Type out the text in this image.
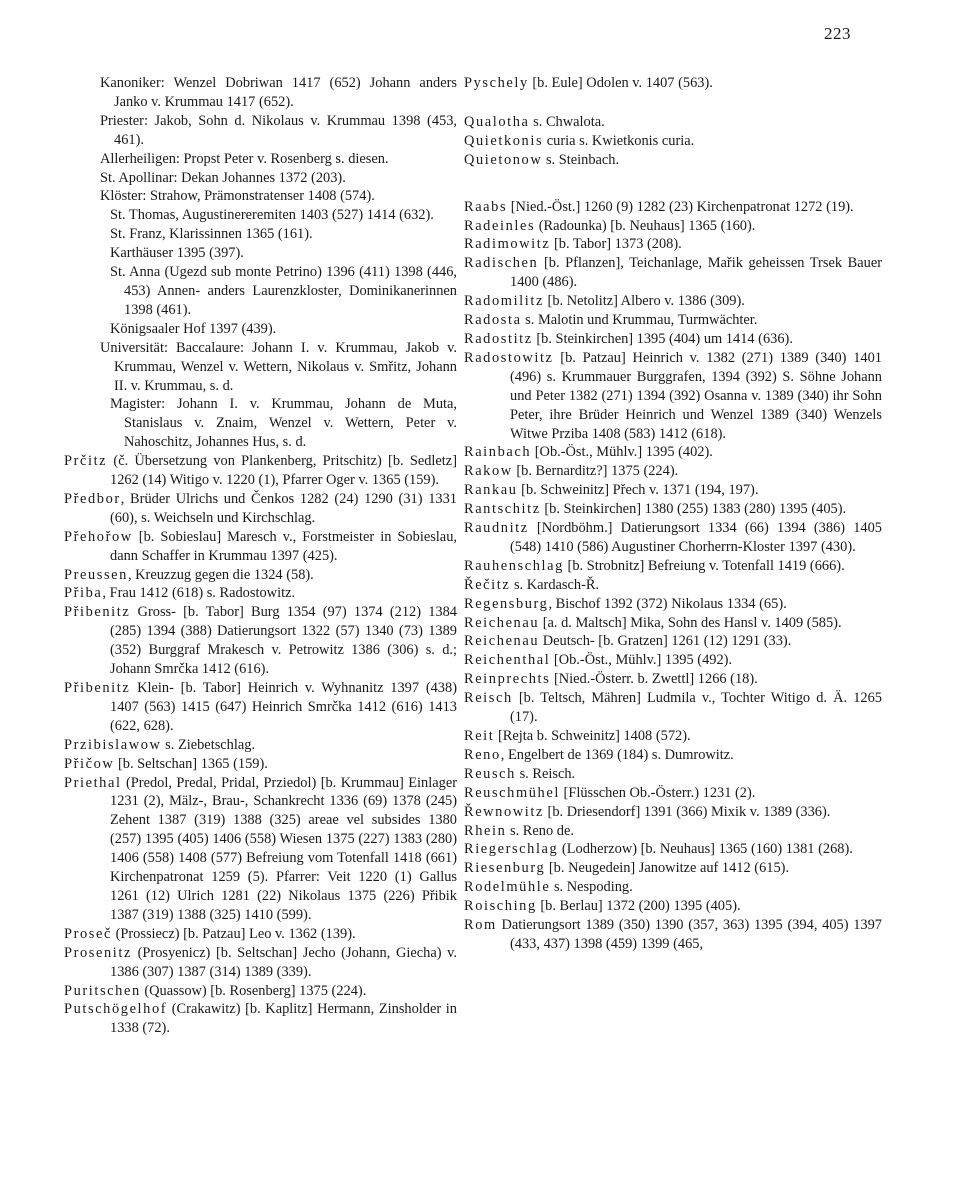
223

Kanoniker: Wenzel Dobriwan 1417 (652) Johann anders Janko v. Krummau 1417 (652).

Priester: Jakob, Sohn d. Nikolaus v. Krummau 1398 (453, 461).

Allerheiligen: Propst Peter v. Rosenberg s. diesen.

St. Apollinar: Dekan Johannes 1372 (203).

Klöster: Strahow, Prämonstratenser 1408 (574).

St. Thomas, Augustinereremiten 1403 (527) 1414 (632).

St. Franz, Klarissinnen 1365 (161).

Karthäuser 1395 (397).

St. Anna (Ugezd sub monte Petrino) 1396 (411) 1398 (446, 453) Annen- anders Laurenzkloster, Dominikanerinnen 1398 (461).

Königsaaler Hof 1397 (439).

Universität: Baccalaure: Johann I. v. Krummau, Jakob v. Krummau, Wenzel v. Wettern, Nikolaus v. Smřitz, Johann II. v. Krummau, s. d.

Magister: Johann I. v. Krummau, Johann de Muta, Stanislaus v. Znaim, Wenzel v. Wettern, Peter v. Nahoschitz, Johannes Hus, s. d.

Prčitz (č. Übersetzung von Plankenberg, Pritschitz) [b. Sedletz] 1262 (14) Witigo v. 1220 (1), Pfarrer Oger v. 1365 (159).

Předbor, Brüder Ulrichs und Čenkos 1282 (24) 1290 (31) 1331 (60), s. Weichseln und Kirchschlag.

Přehořow [b. Sobieslau] Maresch v., Forstmeister in Sobieslau, dann Schaffer in Krummau 1397 (425).

Preussen, Kreuzzug gegen die 1324 (58).

Přiba, Frau 1412 (618) s. Radostowitz.

Přibenitz Gross- [b. Tabor] Burg 1354 (97) 1374 (212) 1384 (285) 1394 (388) Datierungsort 1322 (57) 1340 (73) 1389 (352) Burggraf Mrakesch v. Petrowitz 1386 (306) s. d.; Johann Smrčka 1412 (616).

Přibenitz Klein- [b. Tabor] Heinrich v. Wyhnanitz 1397 (438) 1407 (563) 1415 (647) Heinrich Smrčka 1412 (616) 1413 (622, 628).

Przibislawow s. Ziebetschlag.

Přičow [b. Seltschan] 1365 (159).

Priethal (Predol, Predal, Pridal, Prziedol) [b. Krummau] Einlager 1231 (2), Mälz-, Brau-, Schankrecht 1336 (69) 1378 (245) Zehent 1387 (319) 1388 (325) areae vel subsides 1380 (257) 1395 (405) 1406 (558) Wiesen 1375 (227) 1383 (280) 1406 (558) 1408 (577) Befreiung vom Totenfall 1418 (661) Kirchenpatronat 1259 (5). Pfarrer: Veit 1220 (1) Gallus 1261 (12) Ulrich 1281 (22) Nikolaus 1375 (226) Přibik 1387 (319) 1388 (325) 1410 (599).

Proseč (Prossiecz) [b. Patzau] Leo v. 1362 (139).

Prosenitz (Prosyenicz) [b. Seltschan] Jecho (Johann, Giecha) v. 1386 (307) 1387 (314) 1389 (339).

Puritschen (Quassow) [b. Rosenberg] 1375 (224).

Putschögelhof (Crakawitz) [b. Kaplitz] Hermann, Zinsholder in 1338 (72).

Pyschely [b. Eule] Odolen v. 1407 (563).

Qualotha s. Chwalota.

Quietkonis curia s. Kwietkonis curia.

Quietonow s. Steinbach.

Raabs [Nied.-Öst.] 1260 (9) 1282 (23) Kirchenpatronat 1272 (19).

Radeinles (Radounka) [b. Neuhaus] 1365 (160).

Radimowitz [b. Tabor] 1373 (208).

Radischen [b. Pflanzen], Teichanlage, Mařik geheissen Trsek Bauer 1400 (486).

Radomilitz [b. Netolitz] Albero v. 1386 (309).

Radosta s. Malotin und Krummau, Turmwächter.

Radostitz [b. Steinkirchen] 1395 (404) um 1414 (636).

Radostowitz [b. Patzau] Heinrich v. 1382 (271) 1389 (340) 1401 (496) s. Krummauer Burggrafen, 1394 (392) S. Söhne Johann und Peter 1382 (271) 1394 (392) Osanna v. 1389 (340) ihr Sohn Peter, ihre Brüder Heinrich und Wenzel 1389 (340) Wenzels Witwe Prziba 1408 (583) 1412 (618).

Rainbach [Ob.-Öst., Mühlv.] 1395 (402).

Rakow [b. Bernarditz?] 1375 (224).

Rankau [b. Schweinitz] Přech v. 1371 (194, 197).

Rantschitz [b. Steinkirchen] 1380 (255) 1383 (280) 1395 (405).

Raudnitz [Nordböhm.] Datierungsort 1334 (66) 1394 (386) 1405 (548) 1410 (586) Augustiner Chorherrn-Kloster 1397 (430).

Rauhenschlag [b. Strobnitz] Befreiung v. Totenfall 1419 (666).

Řečitz s. Kardasch-Ř.

Regensburg, Bischof 1392 (372) Nikolaus 1334 (65).

Reichenau [a. d. Maltsch] Mika, Sohn des Hansl v. 1409 (585).

Reichenau Deutsch- [b. Gratzen] 1261 (12) 1291 (33).

Reichenthal [Ob.-Öst., Mühlv.] 1395 (492).

Reinprechts [Nied.-Österr. b. Zwettl] 1266 (18).

Reisch [b. Teltsch, Mähren] Ludmila v., Tochter Witigo d. Ä. 1265 (17).

Reit [Rejta b. Schweinitz] 1408 (572).

Reno, Engelbert de 1369 (184) s. Dumrowitz.

Reusch s. Reisch.

Reuschmühel [Flüsschen Ob.-Österr.) 1231 (2).

Řewnowitz [b. Driesendorf] 1391 (366) Mixik v. 1389 (336).

Rhein s. Reno de.

Riegerschlag (Lodherzow) [b. Neuhaus] 1365 (160) 1381 (268).

Riesenburg [b. Neugedein] Janowitze auf 1412 (615).

Rodelmühle s. Nespoding.

Roisching [b. Berlau] 1372 (200) 1395 (405).

Rom Datierungsort 1389 (350) 1390 (357, 363) 1395 (394, 405) 1397 (433, 437) 1398 (459) 1399 (465,
